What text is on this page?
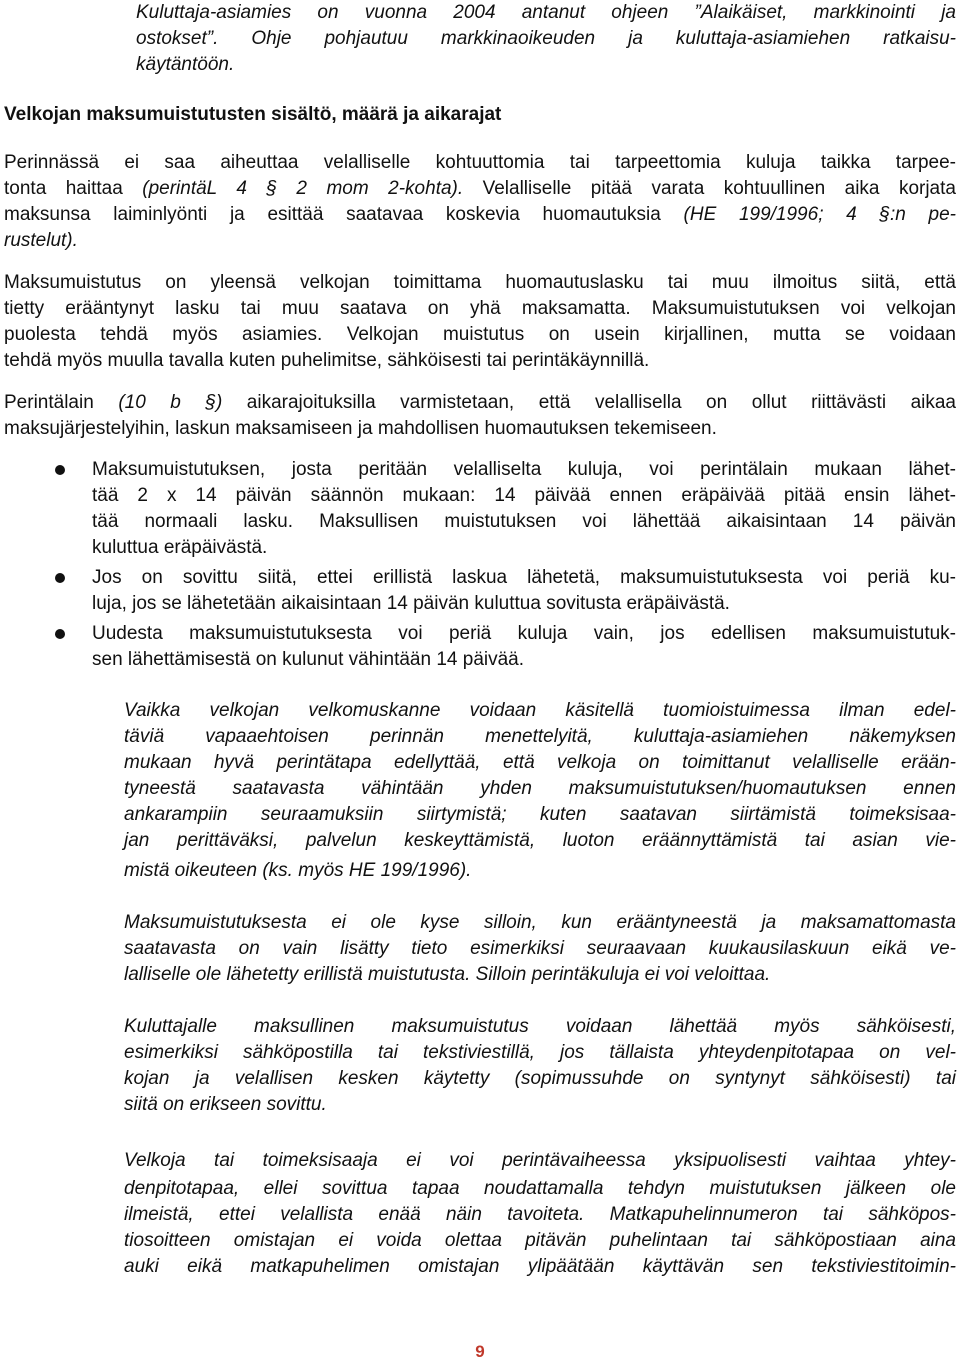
Kuluttaja-asiamies on vuonna 2004 antanut ohjeen ”Alaikäiset, markkinointi ja
ostokset”. Ohje pohjautuu markkinaoikeuden ja kuluttaja-asiamiehen ratkaisu-
käytäntöön.
Velkojan maksumuistutusten sisältö, määrä ja aikarajat
Perinnässä ei saa aiheuttaa velalliselle kohtuuttomia tai tarpeettomia kuluja taikka tarpee-
tonta haittaa (perintäL 4 § 2 mom 2-kohta). Velalliselle pitää varata kohtuullinen aika korjata
maksunsa laiminlyönti ja esittää saatavaa koskevia huomautuksia (HE 199/1996; 4 §:n pe-
rustelut).
Maksumuistutus on yleensä velkojan toimittama huomautuslasku tai muu ilmoitus siitä, että
tietty erääntynyt lasku tai muu saatava on yhä maksamatta. Maksumuistutuksen voi velkojan
puolesta tehdä myös asiamies. Velkojan muistutus on usein kirjallinen, mutta se voidaan
tehdä myös muulla tavalla kuten puhelimitse, sähköisesti tai perintäkäynnillä.
Perintälain (10 b §) aikarajoituksilla varmistetaan, että velallisella on ollut riittävästi aikaa
maksujärjestelyihin, laskun maksamiseen ja mahdollisen huomautuksen tekemiseen.
Maksumuistutuksen, josta peritään velalliselta kuluja, voi perintälain mukaan lähet-
tää 2 x 14 päivän säännön mukaan: 14 päivää ennen eräpäivää pitää ensin lähet-
tää normaali lasku. Maksullisen muistutuksen voi lähettää aikaisintaan 14 päivän
kuluttua eräpäivästä.
Jos on sovittu siitä, ettei erillistä laskua lähetetä, maksumuistutuksesta voi periä ku-
luja, jos se lähetetään aikaisintaan 14 päivän kuluttua sovitusta eräpäivästä.
Uudesta maksumuistutuksesta voi periä kuluja vain, jos edellisen maksumuistutuk-
sen lähettämisestä on kulunut vähintään 14 päivää.
Vaikka velkojan velkomuskanne voidaan käsitellä tuomioistuimessa ilman edel-
täviä vapaaehtoisen perinnän menettelyitä, kuluttaja-asiamiehen näkemyksen
mukaan hyvä perintätapa edellyttää, että velkoja on toimittanut velalliselle erään-
tyneestä saatavasta vähintään yhden maksumuistutuksen/huomautuksen ennen
ankarampiin seuraamuksiin siirtymistä; kuten saatavan siirtämistä toimeksisaa-
jan perittäväksi, palvelun keskeyttämistä, luoton eräännyttämistä tai asian vie-
mistä oikeuteen (ks. myös HE 199/1996).
Maksumuistutuksesta ei ole kyse silloin, kun erääntyneestä ja maksamattomasta
saatavasta on vain lisätty tieto esimerkiksi seuraavaan kuukausilaskuun eikä ve-
lalliselle ole lähetetty erillistä muistutusta. Silloin perintäkuluja ei voi veloittaa.
Kuluttajalle maksullinen maksumuistutus voidaan lähettää myös sähköisesti,
esimerkiksi sähköpostilla tai tekstiviestillä, jos tällaista yhteydenpitotapaa on vel-
kojan ja velallisen kesken käytetty (sopimussuhde on syntynyt sähköisesti) tai
siitä on erikseen sovittu.
Velkoja tai toimeksisaaja ei voi perintävaiheessa yksipuolisesti vaihtaa yhtey-
denpitotapaa, ellei sovittua tapaa noudattamalla tehdyn muistutuksen jälkeen ole
ilmeistä, ettei velallista enää näin tavoiteta. Matkapuhelinnumeron tai sähköpos-
tiosoitteen omistajan ei voida olettaa pitävän puhelintaan tai sähköpostiaan aina
auki eikä matkapuhelimen omistajan ylipäätään käyttävän sen tekstiviestitoimin-
9
